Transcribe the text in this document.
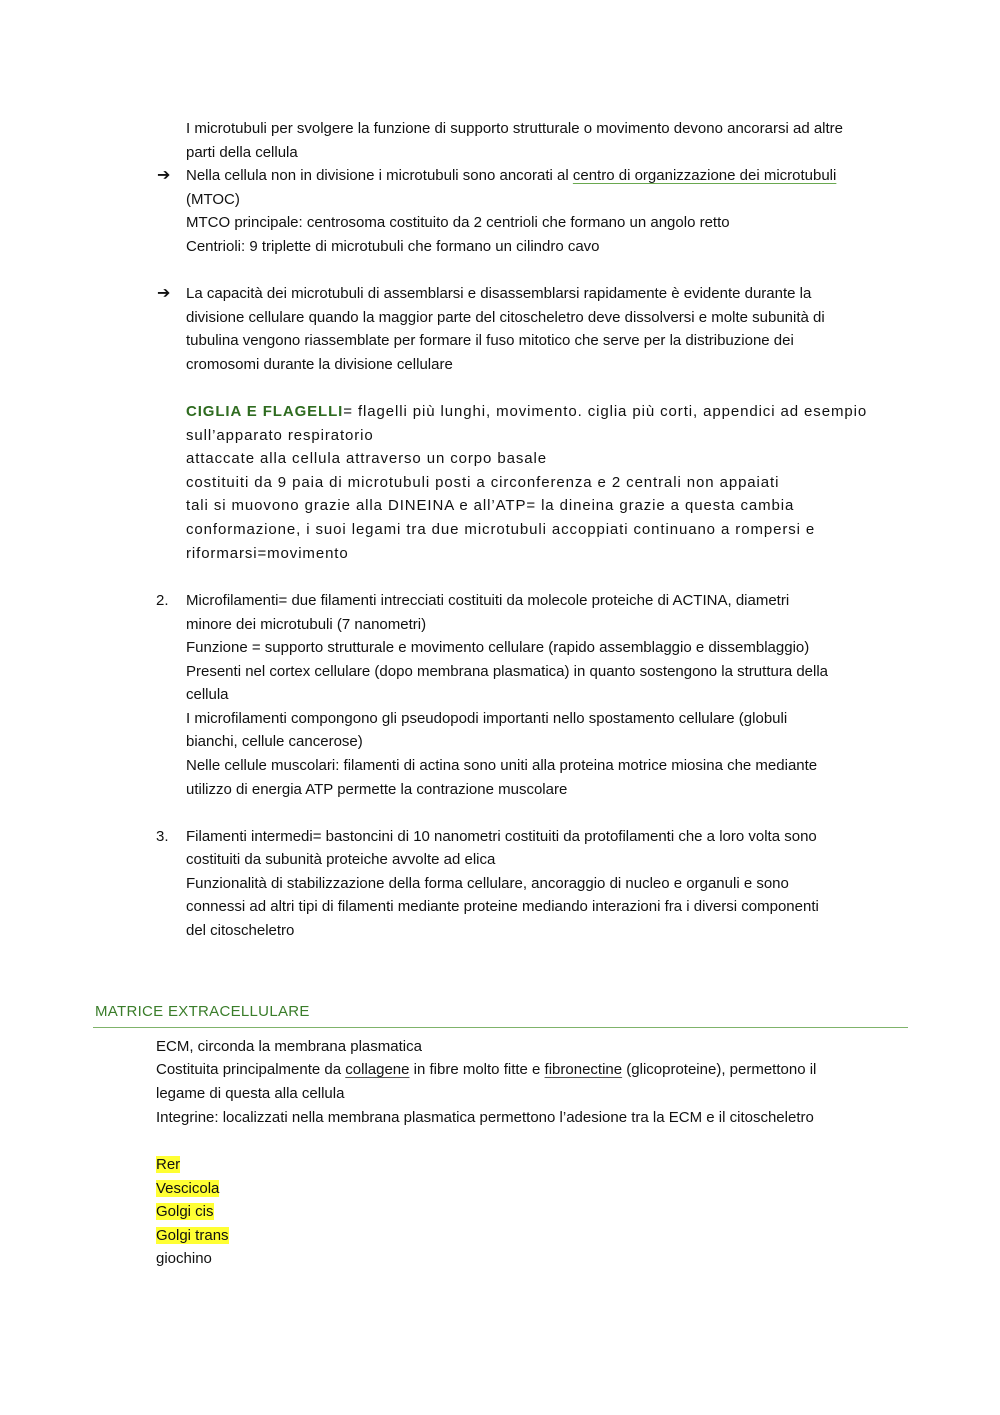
I microtubuli per svolgere la funzione di supporto strutturale o movimento devono ancorarsi ad altre
parti della cellula
➔ Nella cellula non in divisione i microtubuli sono ancorati al centro di organizzazione dei microtubuli
(MTOC)
MTCO principale: centrosoma costituito da 2 centrioli che formano un angolo retto
Centrioli: 9 triplette di microtubuli che formano un cilindro cavo
➔ La capacità dei microtubuli di assemblarsi e disassemblarsi rapidamente è evidente durante la
divisione cellulare quando la maggior parte del citoscheletro deve dissolversi e molte subunità di
tubulina vengono riassemblate per formare il fuso mitotico che serve per la distribuzione dei
cromosomi durante la divisione cellulare
CIGLIA E FLAGELLI= flagelli più lunghi, movimento. ciglia più corti, appendici ad esempio
sull’apparato respiratorio
attaccate alla cellula attraverso un corpo basale
costituiti da 9 paia di microtubuli posti a circonferenza e 2 centrali non appaiati
tali si muovono grazie alla DINEINA e all’ATP= la dineina grazie a questa cambia
conformazione, i suoi legami tra due microtubuli accoppiati continuano a rompersi e
riformarsi=movimento
2. Microfilamenti= due filamenti intrecciati costituiti da molecole proteiche di ACTINA, diametri
minore dei microtubuli (7 nanometri)
Funzione = supporto strutturale e movimento cellulare (rapido assemblaggio e dissemblaggio)
Presenti nel cortex cellulare (dopo membrana plasmatica) in quanto sostengono la struttura della
cellula
I microfilamenti compongono gli pseudopodi importanti nello spostamento cellulare (globuli
bianchi, cellule cancerose)
Nelle cellule muscolari: filamenti di actina sono uniti alla proteina motrice miosina che mediante
utilizzo di energia ATP permette la contrazione muscolare
3. Filamenti intermedi= bastoncini di 10 nanometri costituiti da protofilamenti che a loro volta sono
costituiti da subunità proteiche avvolte ad elica
Funzionalità di stabilizzazione della forma cellulare, ancoraggio di nucleo e organuli e sono
connessi ad altri tipi di filamenti mediante proteine mediando interazioni fra i diversi componenti
del citoscheletro
MATRICE EXTRACELLULARE
ECM, circonda la membrana plasmatica
Costituita principalmente da collagene in fibre molto fitte e fibronectine (glicoproteine), permettono il
legame di questa alla cellula
Integrine: localizzati nella membrana plasmatica permettono l’adesione tra la ECM e il citoscheletro
Rer
Vescicola
Golgi cis
Golgi trans
giochino
